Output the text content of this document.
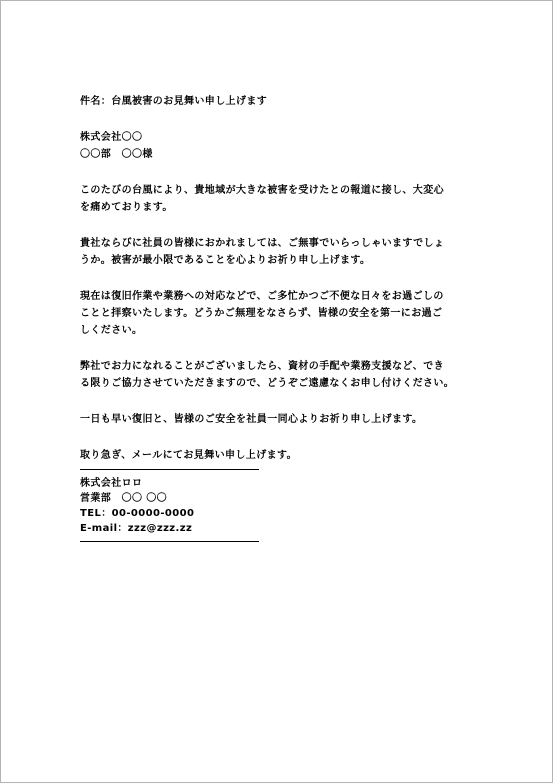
件名：台風被害のお見舞い申し上げます
株式会社〇〇
〇〇部　〇〇様
このたびの台風により、貴地域が大きな被害を受けたとの報道に接し、大変心
を痛めております。
貴社ならびに社員の皆様におかれましては、ご無事でいらっしゃいますでしょ
うか。被害が最小限であることを心よりお祈り申し上げます。
現在は復旧作業や業務への対応などで、ご多忙かつご不便な日々をお過ごしの
ことと拝察いたします。どうかご無理をなさらず、皆様の安全を第一にお過ご
しください。
弊社でお力になれることがございましたら、資材の手配や業務支援など、でき
る限りご協力させていただきますので、どうぞご遠慮なくお申し付けください。
一日も早い復旧と、皆様のご安全を社員一同心よりお祈り申し上げます。
取り急ぎ、メールにてお見舞い申し上げます。
株式会社ロロ
営業部　〇〇 〇〇
TEL：00-0000-0000
E-mail：zzz@zzz.zz
